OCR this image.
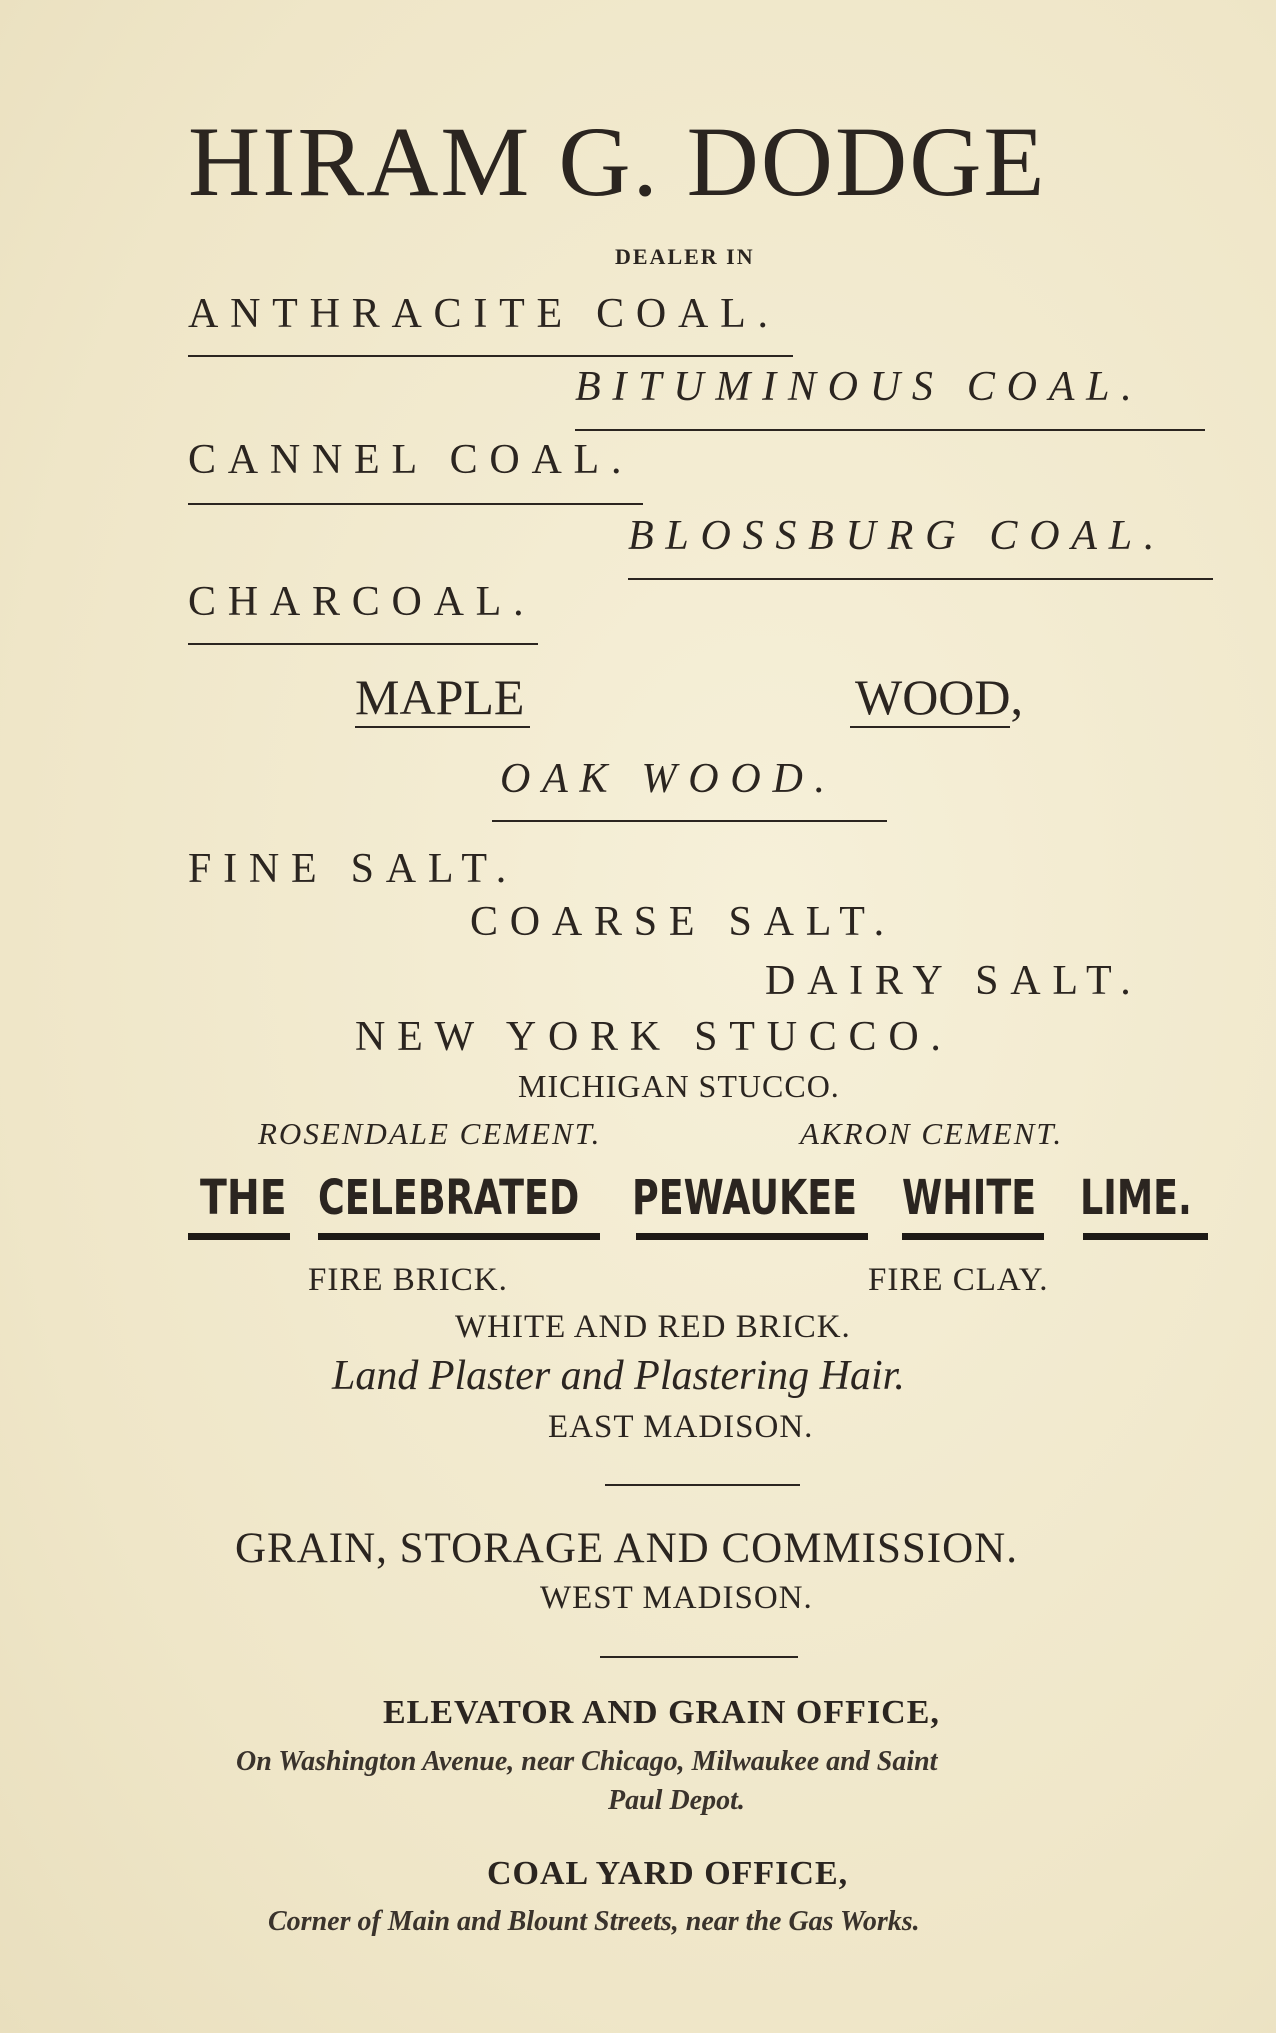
HIRAM G. DODGE
DEALER IN
ANTHRACITE COAL.
BITUMINOUS COAL.
CANNEL COAL.
BLOSSBURG COAL.
CHARCOAL.
MAPLE	WOOD,
OAK WOOD.
FINE SALT.
COARSE SALT.
DAIRY SALT.
NEW YORK STUCCO.
MICHIGAN STUCCO.
ROSENDALE CEMENT.	AKRON CEMENT.
THE CELEBRATED PEWAUKEE WHITE LIME.
FIRE BRICK.	FIRE CLAY.
WHITE AND RED BRICK.
Land Plaster and Plastering Hair.
EAST MADISON.
GRAIN, STORAGE AND COMMISSION.
WEST MADISON.
ELEVATOR AND GRAIN OFFICE,
On Washington Avenue, near Chicago, Milwaukee and Saint
Paul Depot.
COAL YARD OFFICE,
Corner of Main and Blount Streets, near the Gas Works.
